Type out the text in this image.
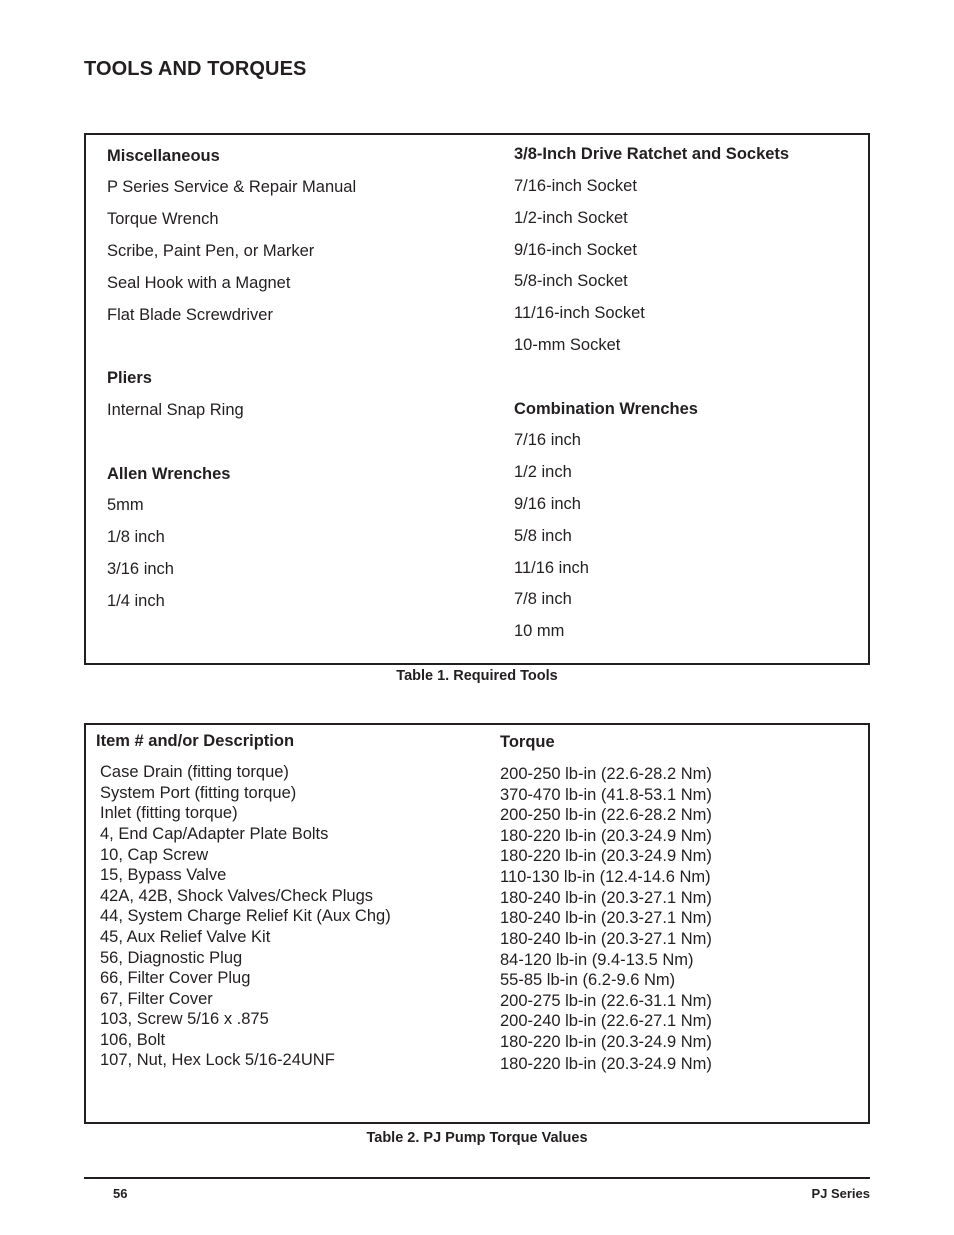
TOOLS AND TORQUES
Miscellaneous
P Series Service & Repair Manual
Torque Wrench
Scribe, Paint Pen, or Marker
Seal Hook with a Magnet
Flat Blade Screwdriver
Pliers
Internal Snap Ring
Allen Wrenches
5mm
1/8 inch
3/16 inch
1/4 inch
3/8-Inch Drive Ratchet and Sockets
7/16-inch Socket
1/2-inch Socket
9/16-inch Socket
5/8-inch Socket
11/16-inch Socket
10-mm Socket
Combination Wrenches
7/16 inch
1/2 inch
9/16 inch
5/8 inch
11/16 inch
7/8 inch
10 mm
Table 1. Required Tools
Item # and/or Description
Case Drain (fitting torque)
System Port (fitting torque)
Inlet (fitting torque)
4, End Cap/Adapter Plate Bolts
10, Cap Screw
15, Bypass Valve
42A, 42B, Shock Valves/Check Plugs
44, System Charge Relief Kit (Aux Chg)
45, Aux Relief Valve Kit
56, Diagnostic Plug
66, Filter Cover Plug
67, Filter Cover
103, Screw 5/16 x .875
106, Bolt
107, Nut, Hex Lock 5/16-24UNF
Torque
200-250 lb-in (22.6-28.2 Nm)
370-470 lb-in (41.8-53.1 Nm)
200-250 lb-in (22.6-28.2 Nm)
180-220 lb-in (20.3-24.9 Nm)
180-220 lb-in (20.3-24.9 Nm)
110-130 lb-in (12.4-14.6 Nm)
180-240 lb-in (20.3-27.1 Nm)
180-240 lb-in (20.3-27.1 Nm)
180-240 lb-in (20.3-27.1 Nm)
84-120 lb-in (9.4-13.5 Nm)
55-85 lb-in (6.2-9.6 Nm)
200-275 lb-in (22.6-31.1 Nm)
200-240 lb-in (22.6-27.1 Nm)
180-220 lb-in (20.3-24.9 Nm)
180-220 lb-in (20.3-24.9 Nm)
Table 2. PJ Pump Torque Values
56	PJ Series
